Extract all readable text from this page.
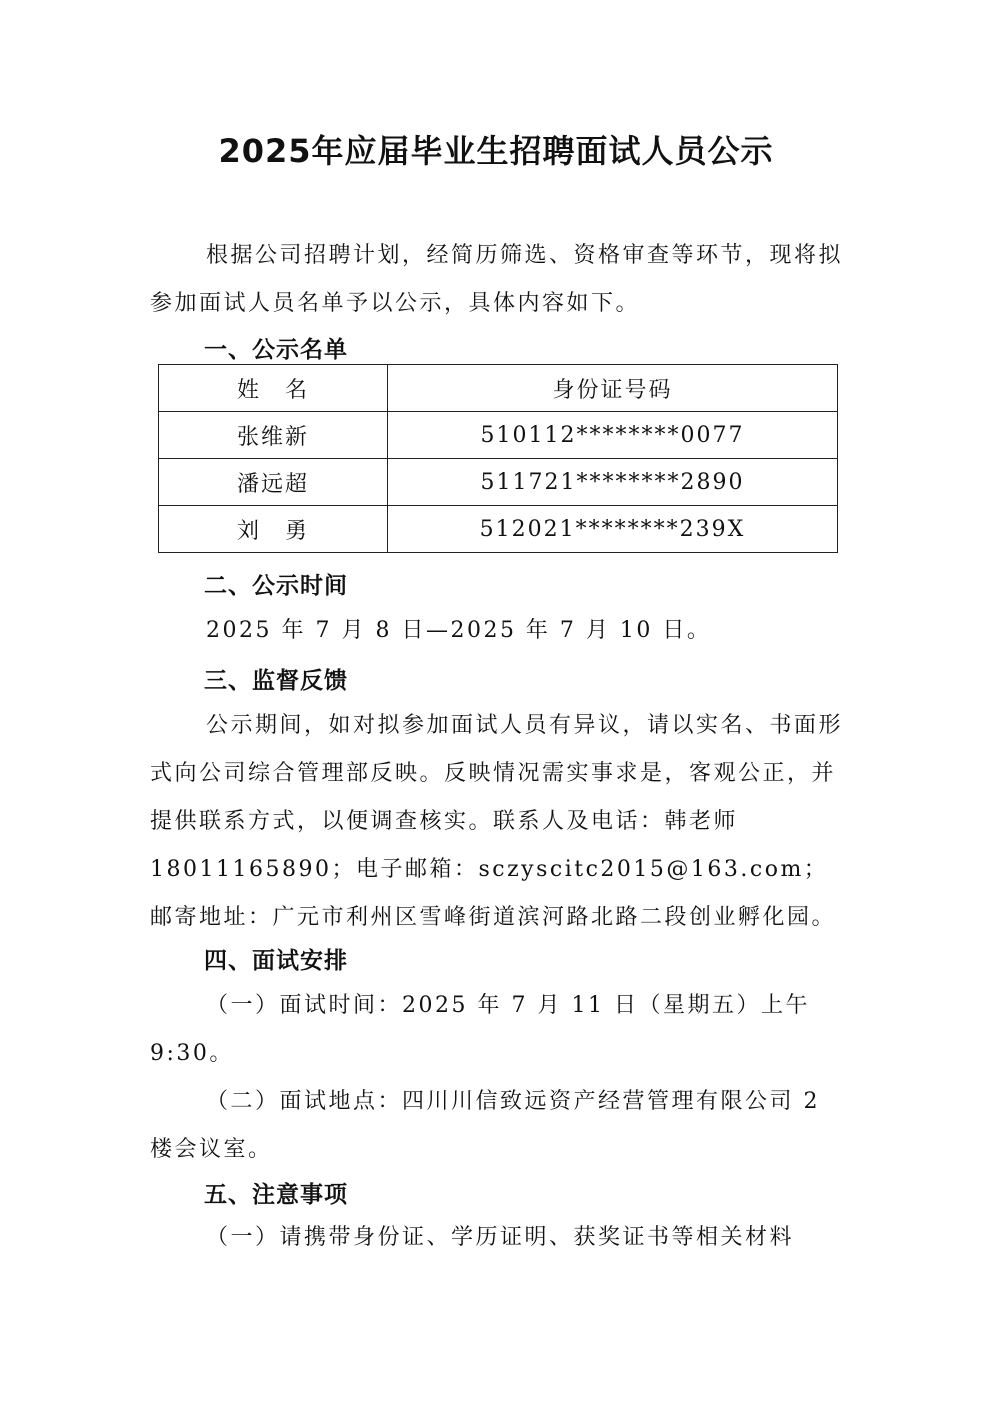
2025年应届毕业生招聘面试人员公示

根据公司招聘计划，经简历筛选、资格审查等环节，现将拟参加面试人员名单予以公示，具体内容如下。

一、公示名单
姓　名	身份证号码
张维新	510112********0077
潘远超	511721********2890
刘　勇	512021********239X
二、公示时间

2025 年 7 月 8 日—2025 年 7 月 10 日。

三、监督反馈

公示期间，如对拟参加面试人员有异议，请以实名、书面形式向公司综合管理部反映。反映情况需实事求是，客观公正，并提供联系方式，以便调查核实。联系人及电话：韩老师 18011165890；电子邮箱：sczyscitc2015@163.com；邮寄地址：广元市利州区雪峰街道滨河路北路二段创业孵化园。

四、面试安排

（一）面试时间：2025 年 7 月 11 日（星期五）上午 9:30。

（二）面试地点：四川川信致远资产经营管理有限公司 2 楼会议室。

五、注意事项

（一）请携带身份证、学历证明、获奖证书等相关材料
